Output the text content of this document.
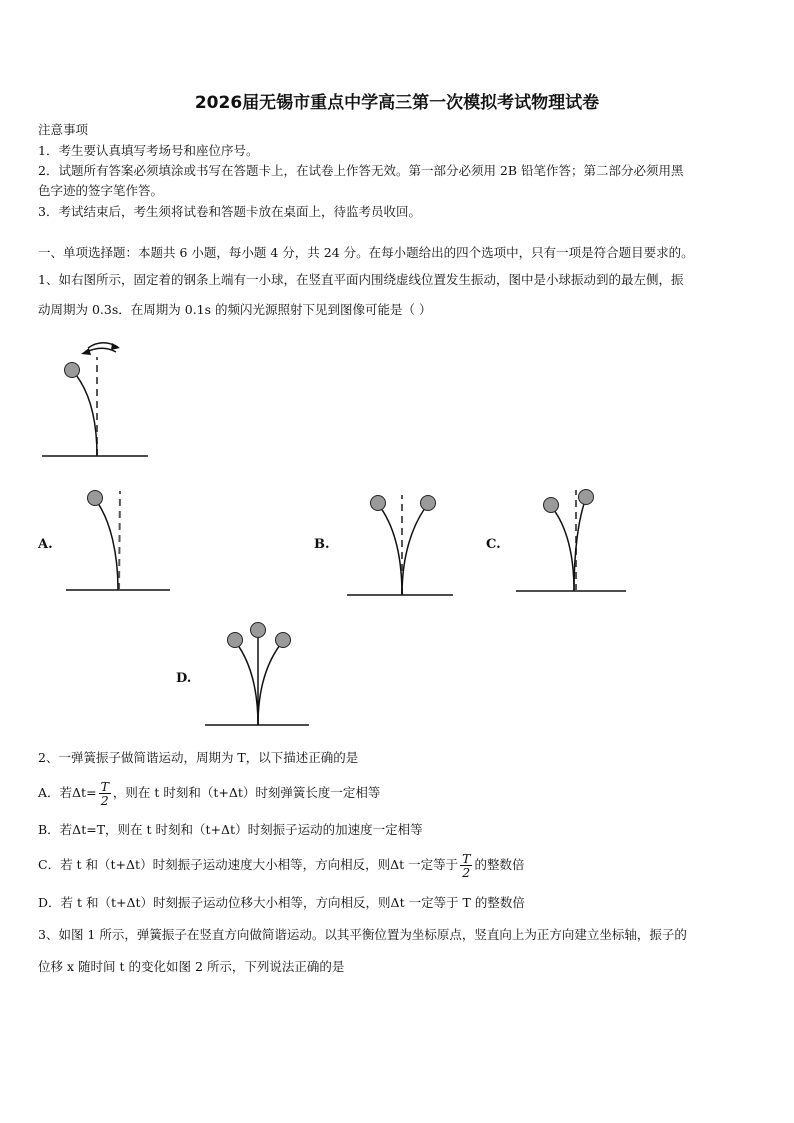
2026届无锡市重点中学高三第一次模拟考试物理试卷
注意事项
1．考生要认真填写考场号和座位序号。
2．试题所有答案必须填涂或书写在答题卡上，在试卷上作答无效。第一部分必须用 2B 铅笔作答；第二部分必须用黑
色字迹的签字笔作答。
3．考试结束后，考生须将试卷和答题卡放在桌面上，待监考员收回。
一、单项选择题：本题共 6 小题，每小题 4 分，共 24 分。在每小题给出的四个选项中，只有一项是符合题目要求的。
1、如右图所示，固定着的钢条上端有一小球，在竖直平面内围绕虚线位置发生振动，图中是小球振动到的最左侧，振
动周期为 0.3s．在周期为 0.1s 的频闪光源照射下见到图像可能是（ ）
A.	B.	C.
D.
2、一弹簧振子做简谐运动，周期为 T，以下描述正确的是
A．若$\Delta t= \frac{T}{2}$ ，则在 t 时刻和（t+Δt）时刻弹簧长度一定相等
B．若Δt=T，则在 t 时刻和（t+Δt）时刻振子运动的加速度一定相等
C．若 t 和（t+Δt）时刻振子运动速度大小相等，方向相反，则Δt 一定等于 $\frac{T}{2}$ 的整数倍
D．若 t 和（t+Δt）时刻振子运动位移大小相等，方向相反，则Δt 一定等于 T 的整数倍
3、如图 1 所示，弹簧振子在竖直方向做简谐运动。以其平衡位置为坐标原点，竖直向上为正方向建立坐标轴，振子的
位移 x 随时间 t 的变化如图 2 所示，下列说法正确的是
